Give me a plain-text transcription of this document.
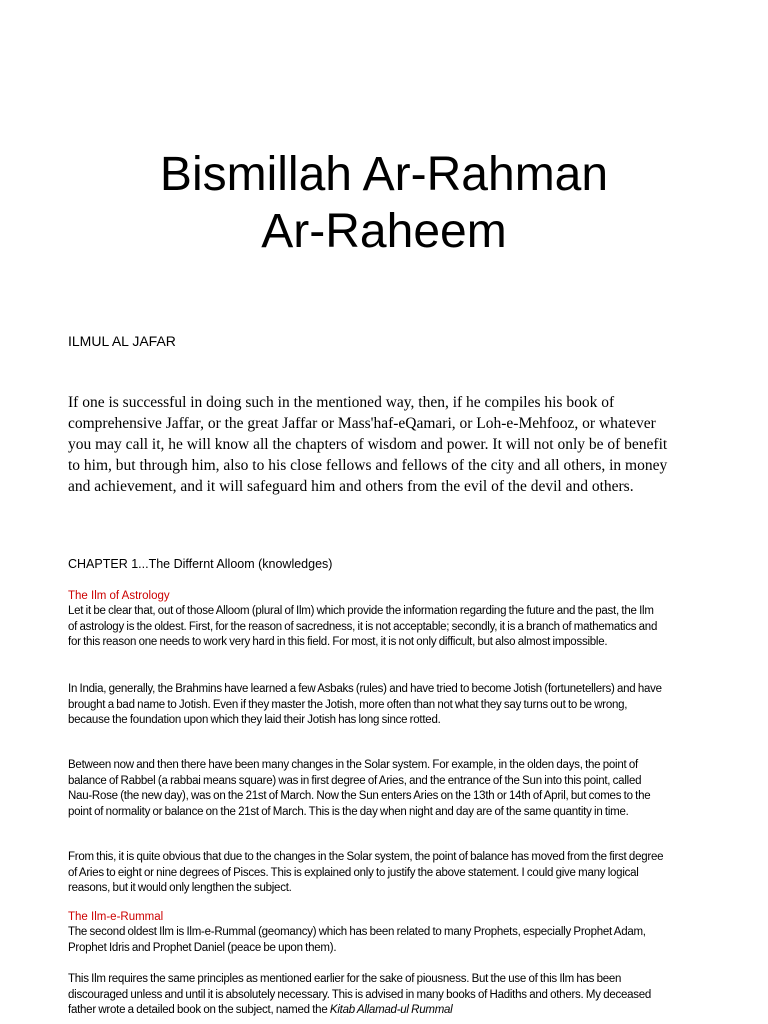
Bismillah Ar-Rahman
Ar-Raheem

ILMUL AL JAFAR

If one is successful in doing such in the mentioned way, then, if he compiles his book of comprehensive Jaffar, or the great Jaffar or Mass'haf-eQamari, or Loh-e-Mehfooz, or whatever you may call it, he will know all the chapters of wisdom and power. It will not only be of benefit to him, but through him, also to his close fellows and fellows of the city and all others, in money and achievement, and it will safeguard him and others from the evil of the devil and others.

CHAPTER 1...The Differnt Alloom (knowledges)

The Ilm of Astrology

Let it be clear that, out of those Alloom (plural of Ilm) which provide the information regarding the future and the past, the Ilm of astrology is the oldest. First, for the reason of sacredness, it is not acceptable; secondly, it is a branch of mathematics and for this reason one needs to work very hard in this field. For most, it is not only difficult, but also almost impossible.

In India, generally, the Brahmins have learned a few Asbaks (rules) and have tried to become Jotish (fortunetellers) and have brought a bad name to Jotish. Even if they master the Jotish, more often than not what they say turns out to be wrong, because the foundation upon which they laid their Jotish has long since rotted.

Between now and then there have been many changes in the Solar system. For example, in the olden days, the point of balance of Rabbel (a rabbai means square) was in first degree of Aries, and the entrance of the Sun into this point, called Nau-Rose (the new day), was on the 21st of March. Now the Sun enters Aries on the 13th or 14th of April, but comes to the point of normality or balance on the 21st of March. This is the day when night and day are of the same quantity in time.

From this, it is quite obvious that due to the changes in the Solar system, the point of balance has moved from the first degree of Aries to eight or nine degrees of Pisces. This is explained only to justify the above statement. I could give many logical reasons, but it would only lengthen the subject.

The Ilm-e-Rummal

The second oldest Ilm is Ilm-e-Rummal (geomancy) which has been related to many Prophets, especially Prophet Adam, Prophet Idris and Prophet Daniel (peace be upon them).

This Ilm requires the same principles as mentioned earlier for the sake of piousness. But the use of this Ilm has been discouraged unless and until it is absolutely necessary. This is advised in many books of Hadiths and others. My deceased father wrote a detailed book on the subject, named the Kitab Allamad-ul Rummal
